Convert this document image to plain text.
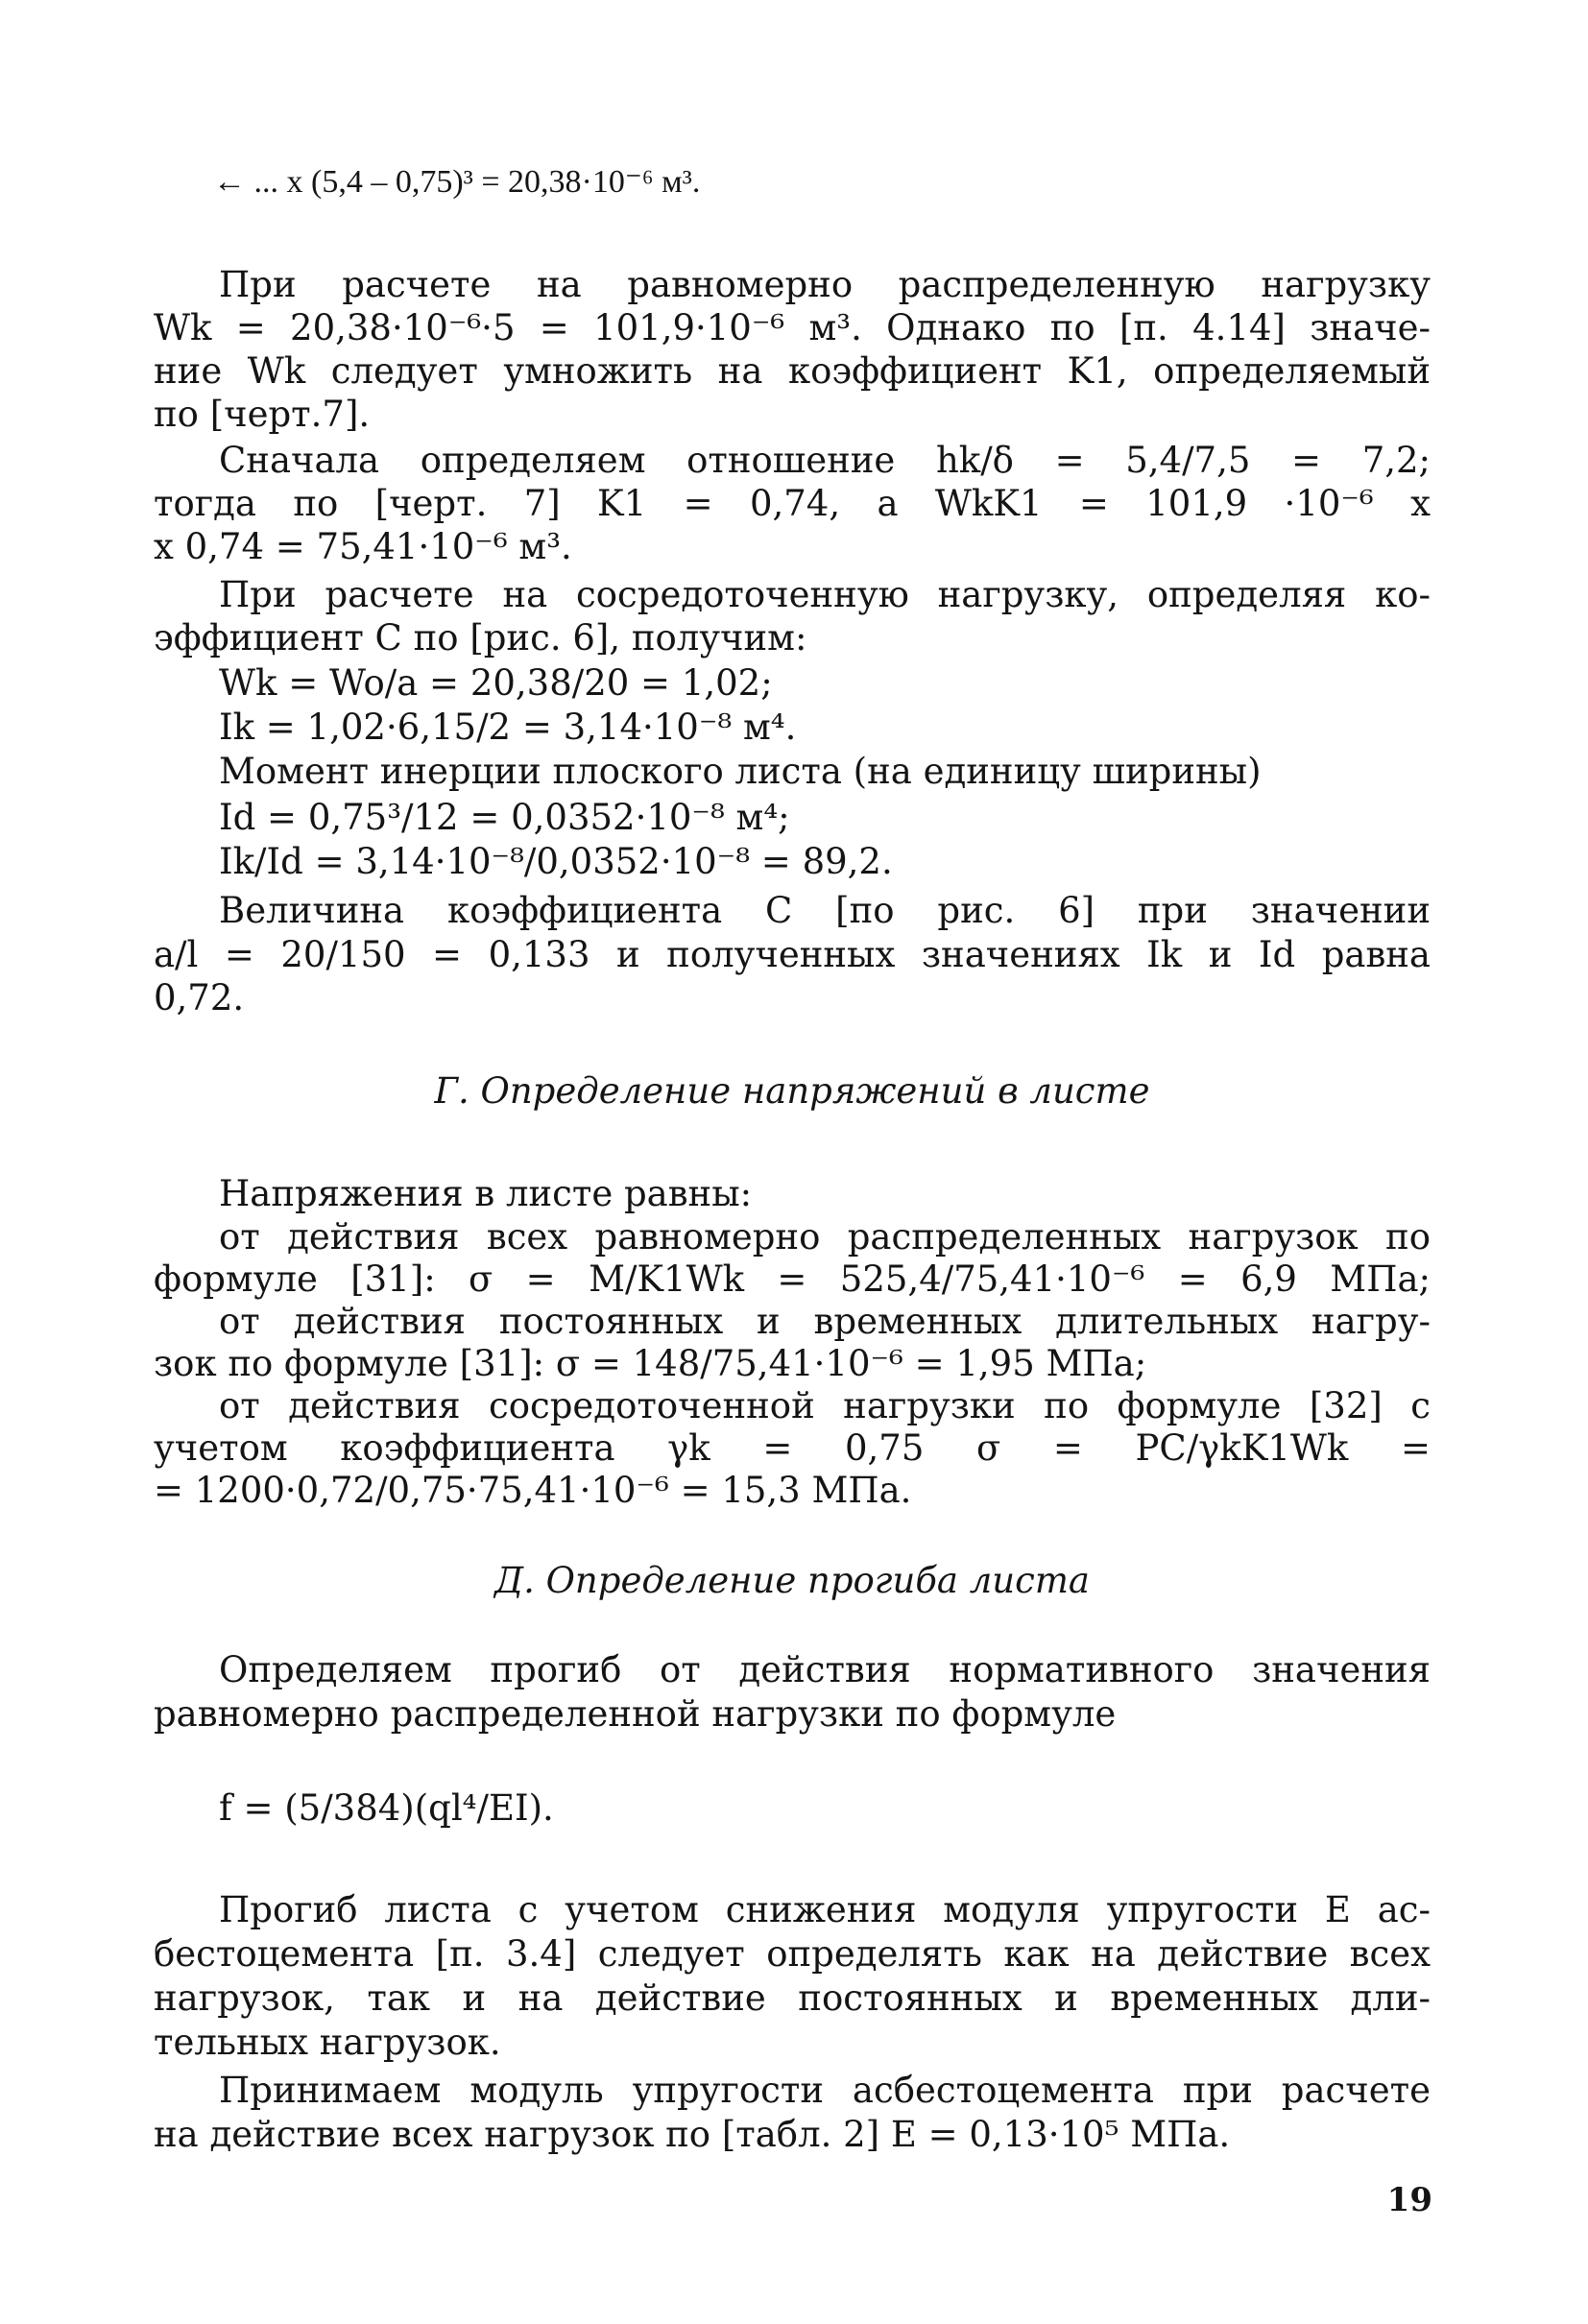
← ... x (5,4 – 0,75)³ = 20,38·10⁻⁶ м³.
При расчете на равномерно распределенную нагрузку
Wk = 20,38·10⁻⁶·5 = 101,9·10⁻⁶ м³. Однако по [п. 4.14] значе-
ние Wk следует умножить на коэффициент K1, определяемый
по [черт.7].
Сначала определяем отношение hk/δ = 5,4/7,5 = 7,2;
тогда по [черт. 7] K1 = 0,74, а WkK1 = 101,9 ·10⁻⁶ x
x 0,74 = 75,41·10⁻⁶ м³.
При расчете на сосредоточенную нагрузку, определяя ко-
эффициент C по [рис. 6], получим:
Wk = Wo/a = 20,38/20 = 1,02;
Ik = 1,02·6,15/2 = 3,14·10⁻⁸ м⁴.
Момент инерции плоского листа (на единицу ширины)
Id = 0,75³/12 = 0,0352·10⁻⁸ м⁴;
Ik/Id = 3,14·10⁻⁸/0,0352·10⁻⁸ = 89,2.
Величина коэффициента C [по рис. 6] при значении
a/l = 20/150 = 0,133 и полученных значениях Ik и Id равна
0,72.
Г. Определение напряжений в листе
Напряжения в листе равны:
от действия всех равномерно распределенных нагрузок по
формуле [31]: σ = M/K1Wk = 525,4/75,41·10⁻⁶ = 6,9 МПа;
от действия постоянных и временных длительных нагру-
зок по формуле [31]: σ = 148/75,41·10⁻⁶ = 1,95 МПа;
от действия сосредоточенной нагрузки по формуле [32] с
учетом коэффициента γk = 0,75 σ = PC/γkK1Wk =
= 1200·0,72/0,75·75,41·10⁻⁶ = 15,3 МПа.
Д. Определение прогиба листа
Определяем прогиб от действия нормативного значения
равномерно распределенной нагрузки по формуле
f = (5/384)(ql⁴/EI).
Прогиб листа с учетом снижения модуля упругости E ас-
бестоцемента [п. 3.4] следует определять как на действие всех
нагрузок, так и на действие постоянных и временных дли-
тельных нагрузок.
Принимаем модуль упругости асбестоцемента при расчете
на действие всех нагрузок по [табл. 2] E = 0,13·10⁵ МПа.
19
